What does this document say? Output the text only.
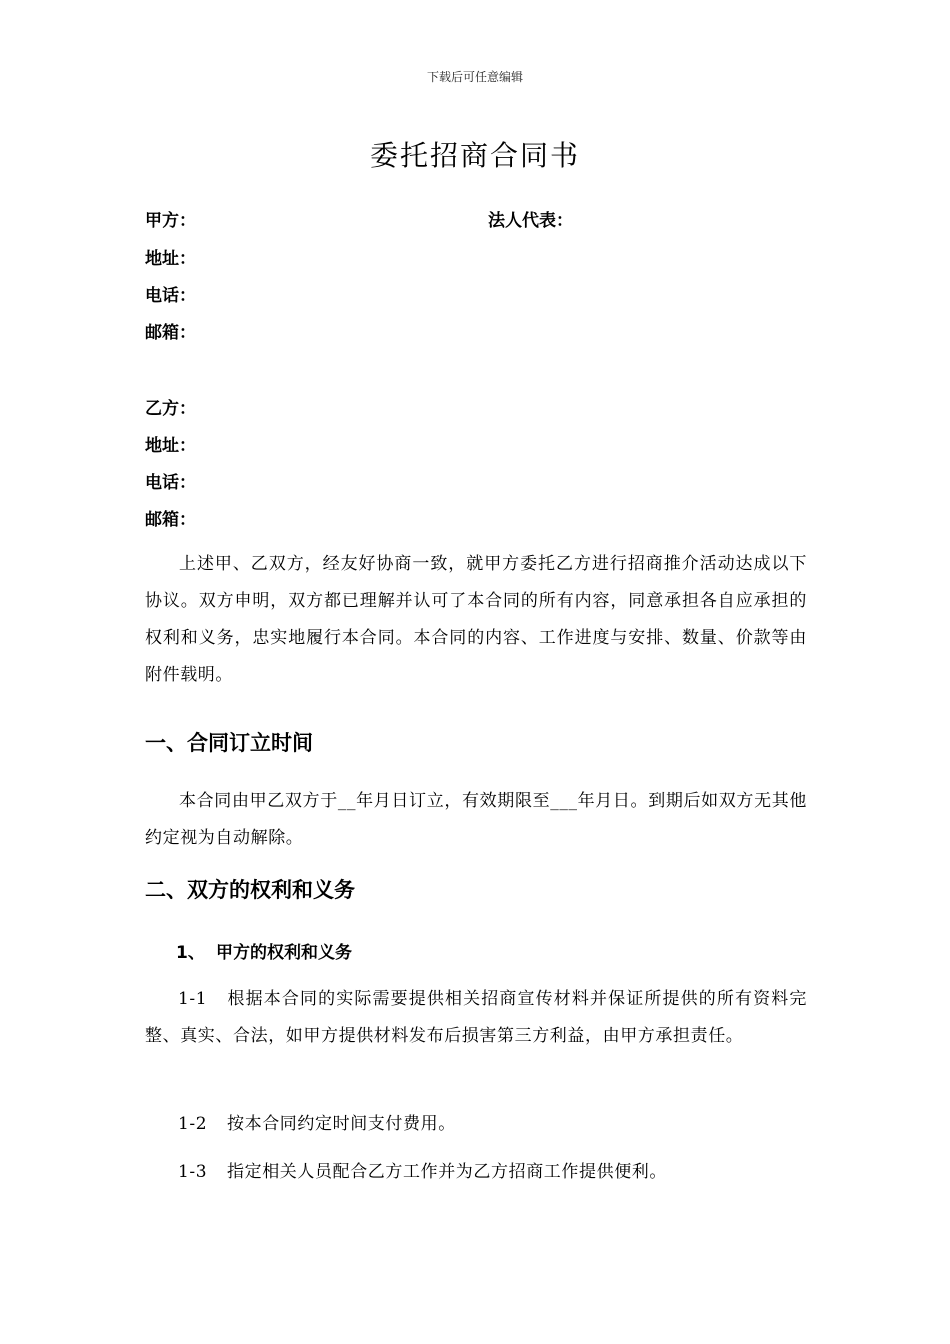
下载后可任意编辑
委托招商合同书
甲方：	法人代表：
地址：
电话：
邮箱：
乙方：
地址：
电话：
邮箱：

上述甲、乙双方，经友好协商一致，就甲方委托乙方进行招商推介活动达成以下协议。双方申明，双方都已理解并认可了本合同的所有内容，同意承担各自应承担的权利和义务，忠实地履行本合同。本合同的内容、工作进度与安排、数量、价款等由附件载明。

一、合同订立时间

本合同由甲乙双方于__年月日订立，有效期限至___年月日。到期后如双方无其他约定视为自动解除。

二、双方的权利和义务
1、 甲方的权利和义务

1-1 根据本合同的实际需要提供相关招商宣传材料并保证所提供的所有资料完整、真实、合法，如甲方提供材料发布后损害第三方利益，由甲方承担责任。

1-2 按本合同约定时间支付费用。
1-3 指定相关人员配合乙方工作并为乙方招商工作提供便利。
